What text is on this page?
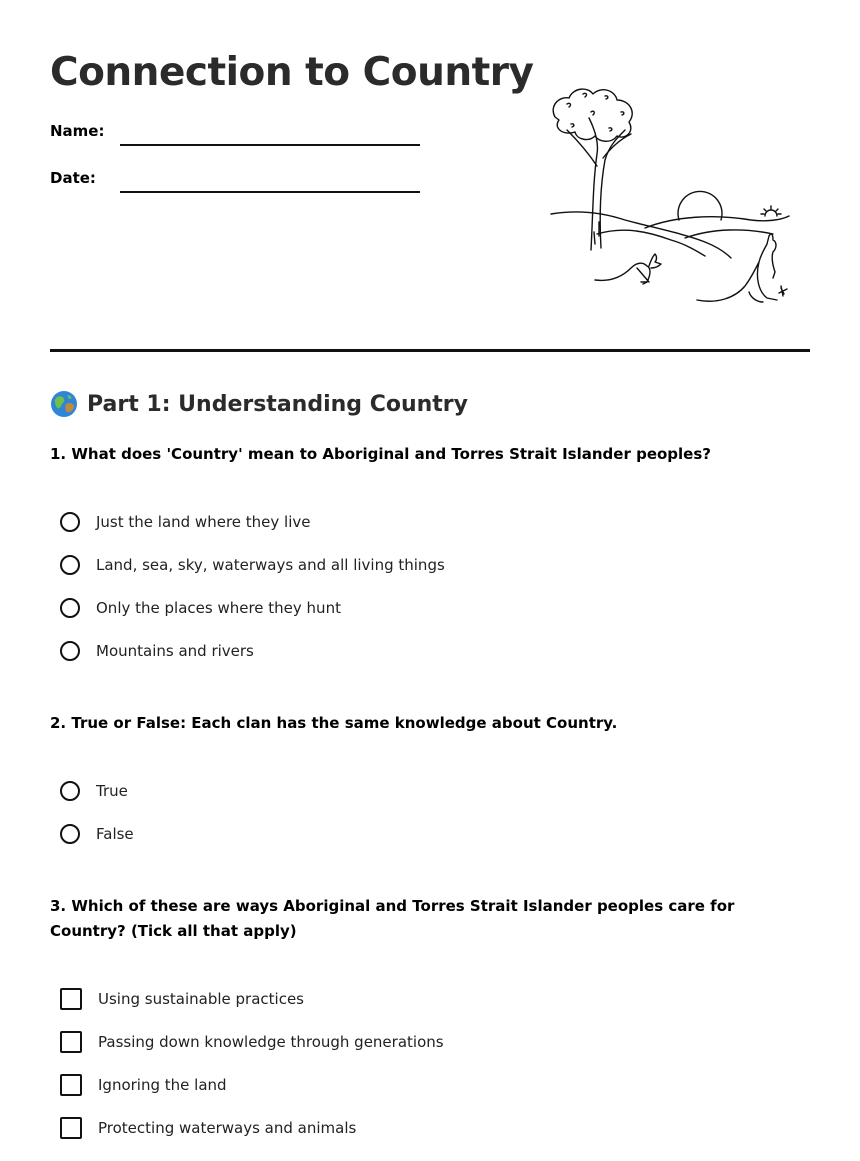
Connection to Country
Name:
Date:
Part 1: Understanding Country

1. What does 'Country' mean to Aboriginal and Torres Strait Islander peoples?

Just the land where they live
Land, sea, sky, waterways and all living things
Only the places where they hunt
Mountains and rivers

2. True or False: Each clan has the same knowledge about Country.

True
False

3. Which of these are ways Aboriginal and Torres Strait Islander peoples care for Country? (Tick all that apply)

Using sustainable practices
Passing down knowledge through generations
Ignoring the land
Protecting waterways and animals
